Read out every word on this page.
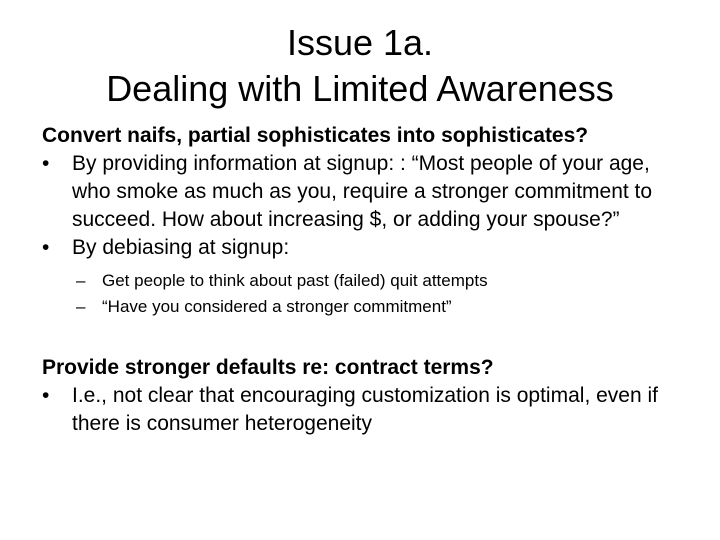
Issue 1a.
Dealing with Limited Awareness
Convert naifs, partial sophisticates into sophisticates?
•	By providing information at signup: : “Most people of your age, who smoke as much as you, require a stronger commitment to succeed. How about increasing $, or adding your spouse?”
•	By debiasing at signup:
– Get people to think about past (failed) quit attempts
– “Have you considered a stronger commitment”
Provide stronger defaults re: contract terms?
•	I.e., not clear that encouraging customization is optimal, even if there is consumer heterogeneity
